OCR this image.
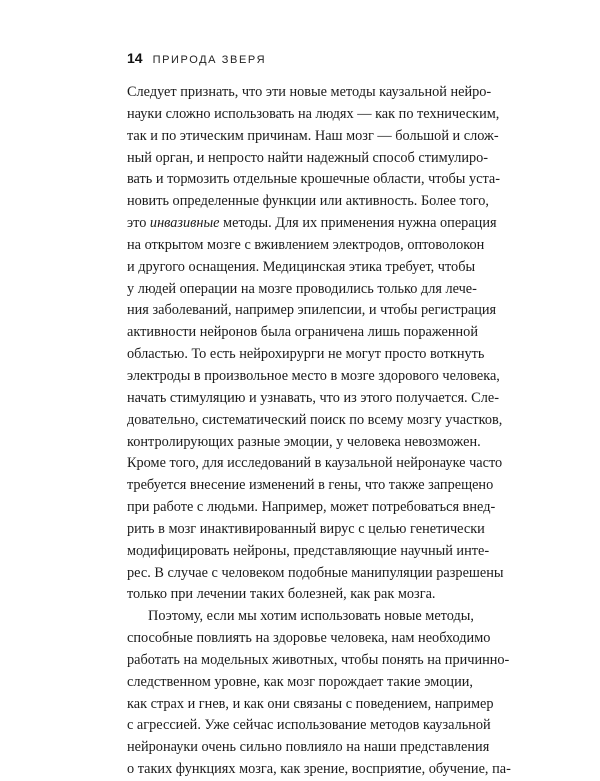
14 ПРИРОДА ЗВЕРЯ
Следует признать, что эти новые методы каузальной нейро-
науки сложно использовать на людях — как по техническим,
так и по этическим причинам. Наш мозг — большой и слож-
ный орган, и непросто найти надежный способ стимулиро-
вать и тормозить отдельные крошечные области, чтобы уста-
новить определенные функции или активность. Более того,
это инвазивные методы. Для их применения нужна операция
на открытом мозге с вживлением электродов, оптоволокон
и другого оснащения. Медицинская этика требует, чтобы
у людей операции на мозге проводились только для лече-
ния заболеваний, например эпилепсии, и чтобы регистрация
активности нейронов была ограничена лишь пораженной
областью. То есть нейрохирурги не могут просто воткнуть
электроды в произвольное место в мозге здорового человека,
начать стимуляцию и узнавать, что из этого получается. Сле-
довательно, систематический поиск по всему мозгу участков,
контролирующих разные эмоции, у человека невозможен.
Кроме того, для исследований в каузальной нейронауке часто
требуется внесение изменений в гены, что также запрещено
при работе с людьми. Например, может потребоваться внед-
рить в мозг инактивированный вирус с целью генетически
модифицировать нейроны, представляющие научный инте-
рес. В случае с человеком подобные манипуляции разрешены
только при лечении таких болезней, как рак мозга.
Поэтому, если мы хотим использовать новые методы,
способные повлиять на здоровье человека, нам необходимо
работать на модельных животных, чтобы понять на причинно-
следственном уровне, как мозг порождает такие эмоции,
как страх и гнев, и как они связаны с поведением, например
с агрессией. Уже сейчас использование методов каузальной
нейронауки очень сильно повлияло на наши представления
о таких функциях мозга, как зрение, восприятие, обучение, па-
